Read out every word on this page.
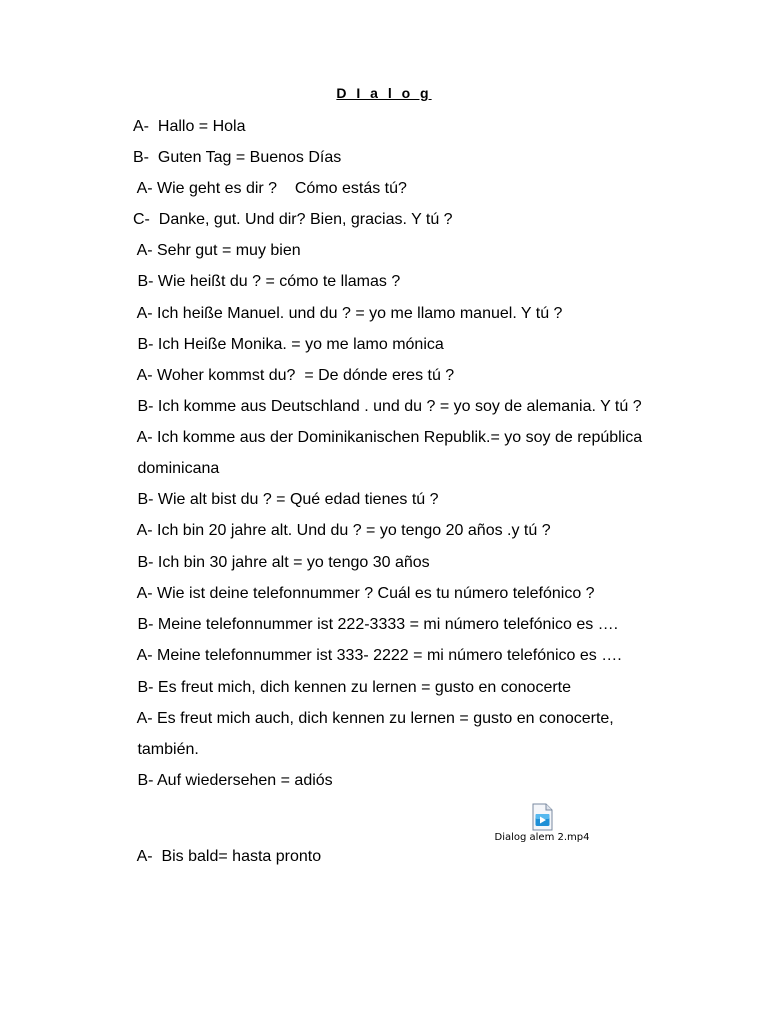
D I a l o g
A-  Hallo = Hola
B-  Guten Tag = Buenos Días
A- Wie geht es dir ?    Cómo estás tú?
C-  Danke, gut. Und dir? Bien, gracias. Y tú ?
A- Sehr gut = muy bien
B- Wie heißt du ? = cómo te llamas ?
A- Ich heiße Manuel. und du ? = yo me llamo manuel. Y tú ?
B- Ich Heiße Monika. = yo me lamo mónica
A- Woher kommst du?  = De dónde eres tú ?
B- Ich komme aus Deutschland . und du ? = yo soy de alemania. Y tú ?
A- Ich komme aus der Dominikanischen Republik.= yo soy de república
dominicana
B- Wie alt bist du ? = Qué edad tienes tú ?
A- Ich bin 20 jahre alt. Und du ? = yo tengo 20 años .y tú ?
B- Ich bin 30 jahre alt = yo tengo 30 años
A- Wie ist deine telefonnummer ? Cuál es tu número telefónico ?
B- Meine telefonnummer ist 222-3333 = mi número telefónico es ….
A- Meine telefonnummer ist 333- 2222 = mi número telefónico es ….
B- Es freut mich, dich kennen zu lernen = gusto en conocerte
A- Es freut mich auch, dich kennen zu lernen = gusto en conocerte,
también.
B- Auf wiedersehen = adiós
A-  Bis bald= hasta pronto
Dialog alem 2.mp4
